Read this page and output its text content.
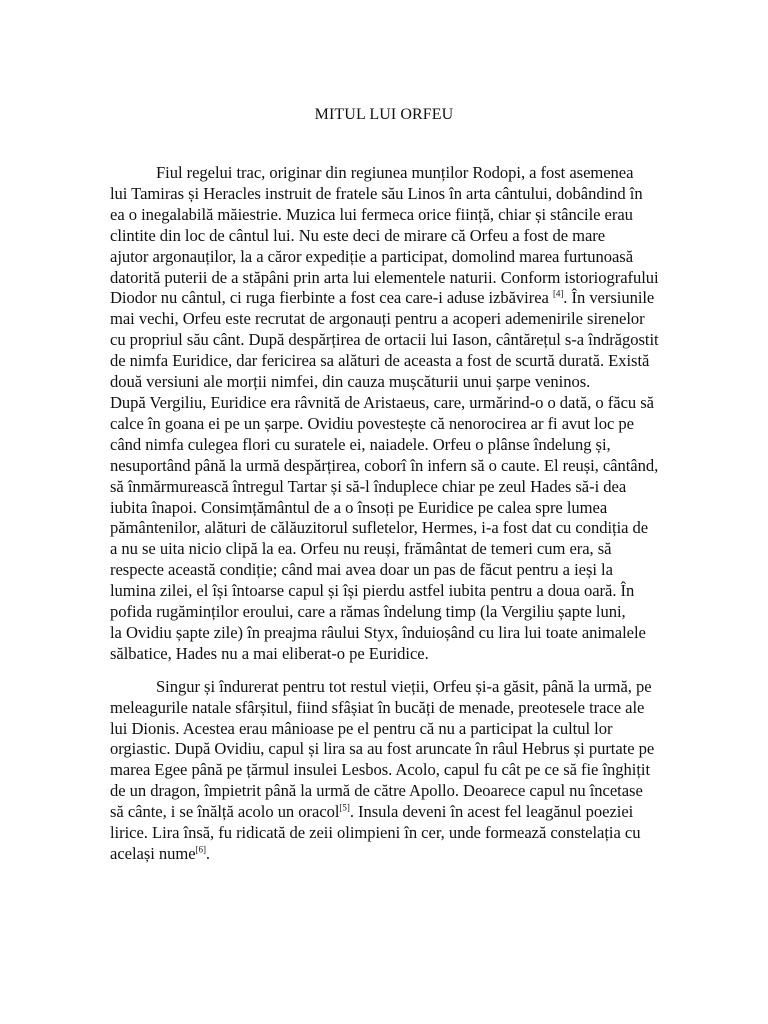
MITUL LUI ORFEU

Fiul regelui trac, originar din regiunea munților Rodopi, a fost asemenea
lui Tamiras și Heracles instruit de fratele său Linos în arta cântului, dobândind în
ea o inegalabilă măiestrie. Muzica lui fermeca orice ființă, chiar și stâncile erau
clintite din loc de cântul lui. Nu este deci de mirare că Orfeu a fost de mare
ajutor argonauților, la a căror expediție a participat, domolind marea furtunoasă
datorită puterii de a stăpâni prin arta lui elementele naturii. Conform istoriografului
Diodor nu cântul, ci ruga fierbinte a fost cea care-i aduse izbăvirea [4]. În versiunile
mai vechi, Orfeu este recrutat de argonauți pentru a acoperi ademenirile sirenelor
cu propriul său cânt. După despărțirea de ortacii lui Iason, cântărețul s-a îndrăgostit
de nimfa Euridice, dar fericirea sa alături de aceasta a fost de scurtă durată. Există
două versiuni ale morții nimfei, din cauza mușcăturii unui șarpe veninos.
După Vergiliu, Euridice era râvnită de Aristaeus, care, urmărind-o o dată, o făcu să
calce în goana ei pe un șarpe. Ovidiu povestește că nenorocirea ar fi avut loc pe
când nimfa culegea flori cu suratele ei, naiadele. Orfeu o plânse îndelung și,
nesuportând până la urmă despărțirea, coborî în infern să o caute. El reuși, cântând,
să înmărmurească întregul Tartar și să-l înduplece chiar pe zeul Hades să-i dea
iubita înapoi. Consimțământul de a o însoți pe Euridice pe calea spre lumea
pământenilor, alături de călăuzitorul sufletelor, Hermes, i-a fost dat cu condiția de
a nu se uita nicio clipă la ea. Orfeu nu reuși, frământat de temeri cum era, să
respecte această condiție; când mai avea doar un pas de făcut pentru a ieși la
lumina zilei, el își întoarse capul și își pierdu astfel iubita pentru a doua oară. În
pofida rugăminților eroului, care a rămas îndelung timp (la Vergiliu șapte luni,
la Ovidiu șapte zile) în preajma râului Styx, înduioșând cu lira lui toate animalele
sălbatice, Hades nu a mai eliberat-o pe Euridice.

Singur și îndurerat pentru tot restul vieții, Orfeu și-a găsit, până la urmă, pe
meleagurile natale sfârșitul, fiind sfâșiat în bucăți de menade, preotesele trace ale
lui Dionis. Acestea erau mânioase pe el pentru că nu a participat la cultul lor
orgiastic. După Ovidiu, capul și lira sa au fost aruncate în râul Hebrus și purtate pe
marea Egee până pe țărmul insulei Lesbos. Acolo, capul fu cât pe ce să fie înghițit
de un dragon, împietrit până la urmă de către Apollo. Deoarece capul nu încetase
să cânte, i se înălță acolo un oracol[5]. Insula deveni în acest fel leagănul poeziei
lirice. Lira însă, fu ridicată de zeii olimpieni în cer, unde formează constelația cu
același nume[6].
